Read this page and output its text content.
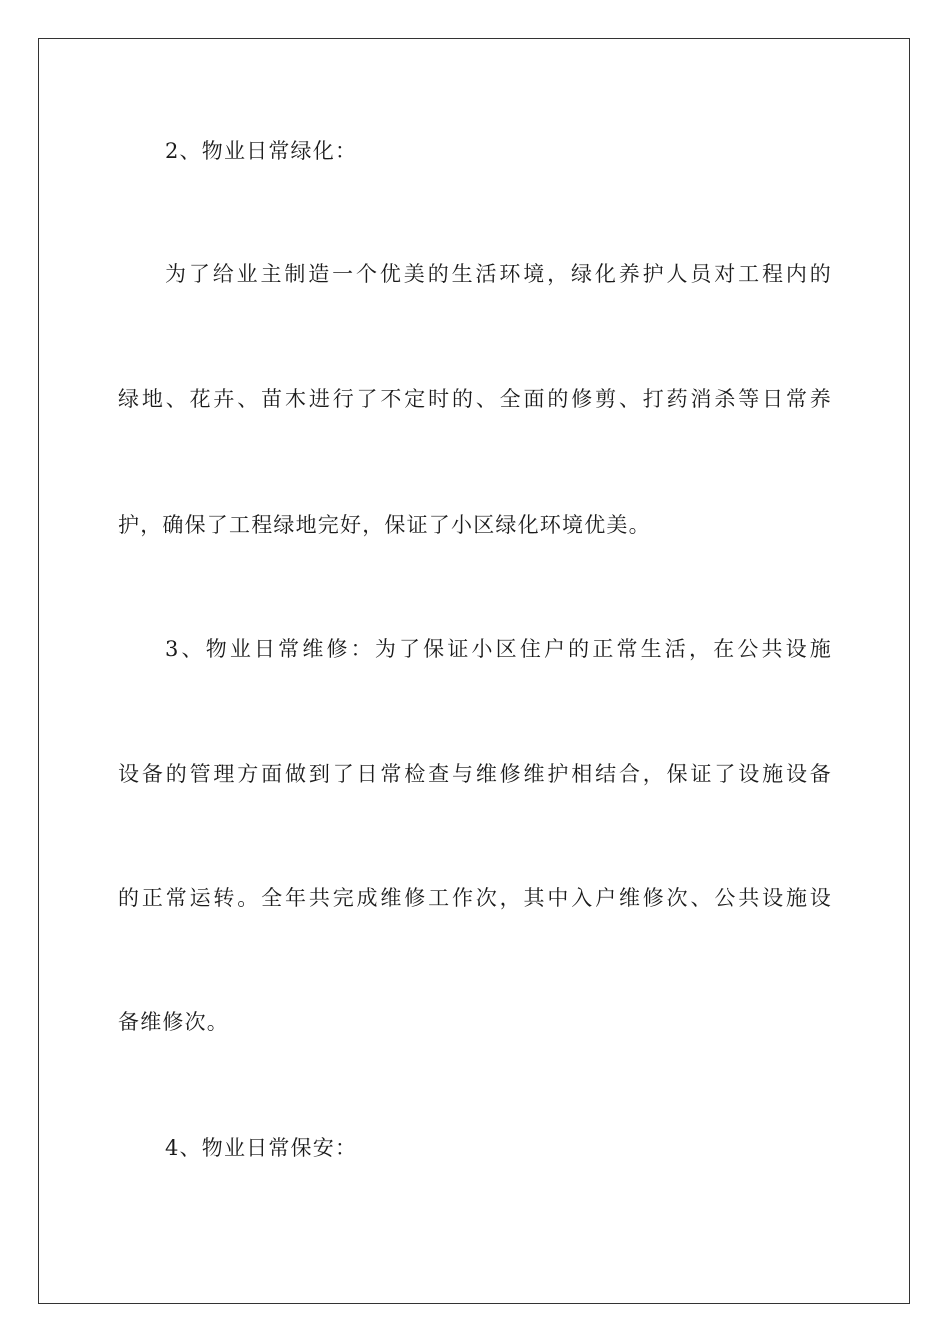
2、物业日常绿化：
为了给业主制造一个优美的生活环境，绿化养护人员对工程内的
绿地、花卉、苗木进行了不定时的、全面的修剪、打药消杀等日常养
护，确保了工程绿地完好，保证了小区绿化环境优美。
3、物业日常维修：为了保证小区住户的正常生活，在公共设施
设备的管理方面做到了日常检查与维修维护相结合，保证了设施设备
的正常运转。全年共完成维修工作次，其中入户维修次、公共设施设
备维修次。
4、物业日常保安：
